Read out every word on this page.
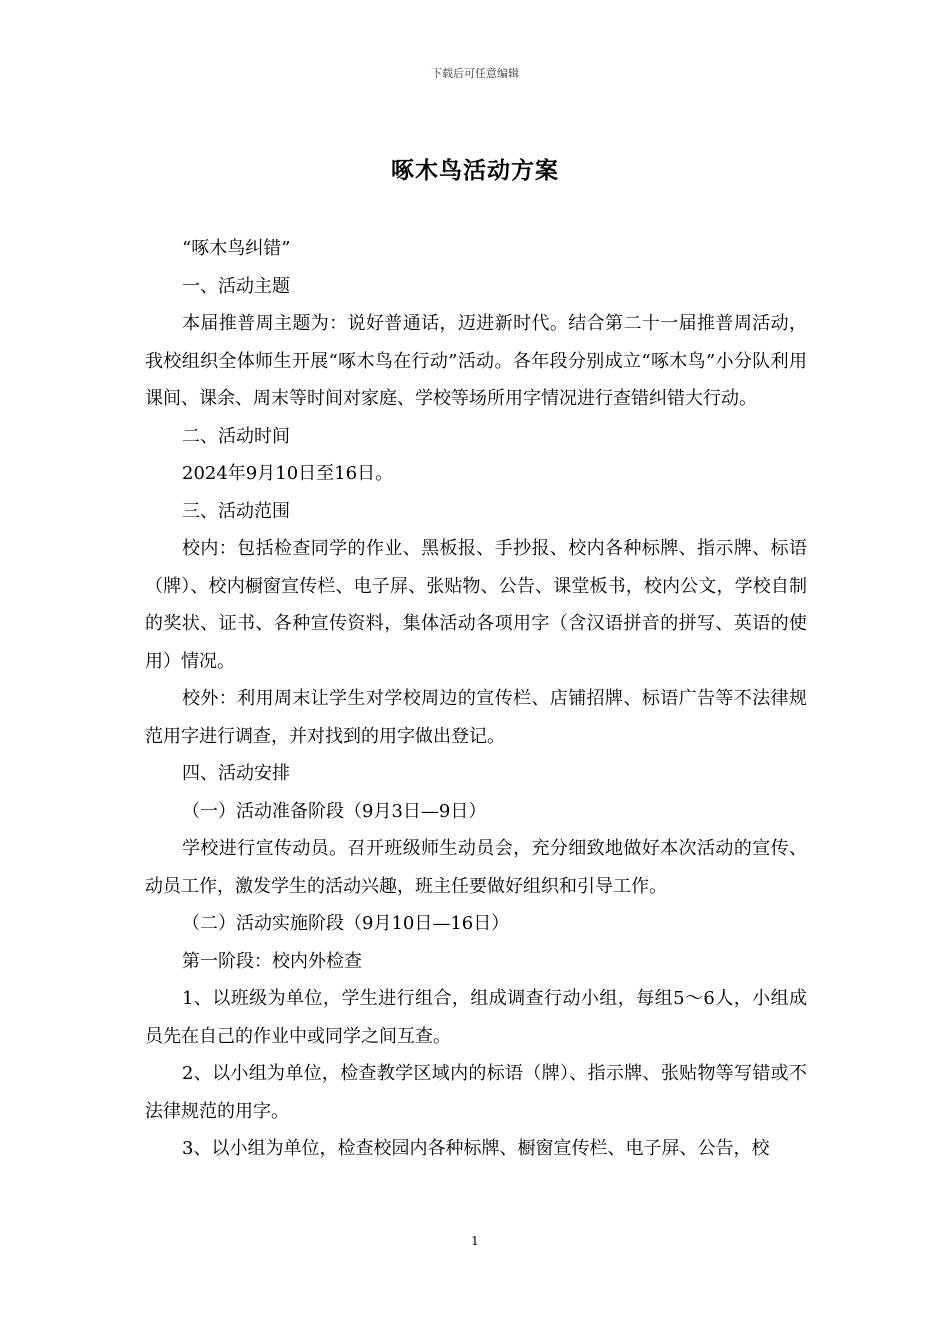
下载后可任意编辑
啄木鸟活动方案

“啄木鸟纠错”

一、活动主题

本届推普周主题为：说好普通话，迈进新时代。结合第二十一届推普周活动，我校组织全体师生开展“啄木鸟在行动”活动。各年段分别成立“啄木鸟”小分队利用课间、课余、周末等时间对家庭、学校等场所用字情况进行查错纠错大行动。

二、活动时间

2024年9月10日至16日。

三、活动范围

校内：包括检查同学的作业、黑板报、手抄报、校内各种标牌、指示牌、标语（牌）、校内橱窗宣传栏、电子屏、张贴物、公告、课堂板书，校内公文，学校自制的奖状、证书、各种宣传资料，集体活动各项用字（含汉语拼音的拼写、英语的使用）情况。

校外：利用周末让学生对学校周边的宣传栏、店铺招牌、标语广告等不法律规范用字进行调查，并对找到的用字做出登记。

四、活动安排

（一）活动准备阶段（9月3日—9日）

学校进行宣传动员。召开班级师生动员会，充分细致地做好本次活动的宣传、动员工作，激发学生的活动兴趣，班主任要做好组织和引导工作。

（二）活动实施阶段（9月10日—16日）

第一阶段：校内外检查

1、以班级为单位，学生进行组合，组成调查行动小组，每组5～6人，小组成员先在自己的作业中或同学之间互查。

2、以小组为单位，检查教学区域内的标语（牌）、指示牌、张贴物等写错或不法律规范的用字。

3、以小组为单位，检查校园内各种标牌、橱窗宣传栏、电子屏、公告，校

1
